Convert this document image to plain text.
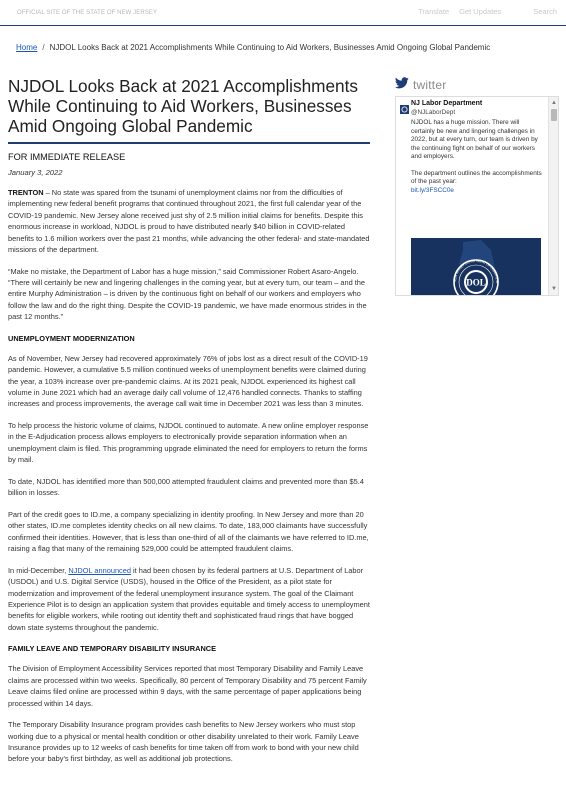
OFFICIAL SITE OF THE STATE OF NEW JERSEY	Translate Get Updates	Search
Home / NJDOL Looks Back at 2021 Accomplishments While Continuing to Aid Workers, Businesses Amid Ongoing Global Pandemic
NJDOL Looks Back at 2021 Accomplishments While Continuing to Aid Workers, Businesses Amid Ongoing Global Pandemic
FOR IMMEDIATE RELEASE
January 3, 2022

TRENTON – No state was spared from the tsunami of unemployment claims nor from the difficulties of implementing new federal benefit programs that continued throughout 2021, the first full calendar year of the COVID-19 pandemic. New Jersey alone received just shy of 2.5 million initial claims for benefits. Despite this enormous increase in workload, NJDOL is proud to have distributed nearly $40 billion in COVID-related benefits to 1.6 million workers over the past 21 months, while advancing the other federal- and state-mandated missions of the department.

“Make no mistake, the Department of Labor has a huge mission,” said Commissioner Robert Asaro-Angelo. “There will certainly be new and lingering challenges in the coming year, but at every turn, our team – and the entire Murphy Administration – is driven by the continuous fight on behalf of our workers and employers who follow the law and do the right thing. Despite the COVID-19 pandemic, we have made enormous strides in the past 12 months.”

UNEMPLOYMENT MODERNIZATION

As of November, New Jersey had recovered approximately 76% of jobs lost as a direct result of the COVID-19 pandemic. However, a cumulative 5.5 million continued weeks of unemployment benefits were claimed during the year, a 103% increase over pre-pandemic claims. At its 2021 peak, NJDOL experienced its highest call volume in June 2021 which had an average daily call volume of 12,476 handled connects. Thanks to staffing increases and process improvements, the average call wait time in December 2021 was less than 3 minutes.

To help process the historic volume of claims, NJDOL continued to automate. A new online employer response in the E-Adjudication process allows employers to electronically provide separation information when an unemployment claim is filed. This programming upgrade eliminated the need for employers to return the forms by mail.

To date, NJDOL has identified more than 500,000 attempted fraudulent claims and prevented more than $5.4 billion in losses.

Part of the credit goes to ID.me, a company specializing in identity proofing. In New Jersey and more than 20 other states, ID.me completes identity checks on all new claims. To date, 183,000 claimants have successfully confirmed their identities. However, that is less than one-third of all of the claimants we have referred to ID.me, raising a flag that many of the remaining 529,000 could be attempted fraudulent claims.

In mid-December, NJDOL announced it had been chosen by its federal partners at U.S. Department of Labor (USDOL) and U.S. Digital Service (USDS), housed in the Office of the President, as a pilot state for modernization and improvement of the federal unemployment insurance system. The goal of the Claimant Experience Pilot is to design an application system that provides equitable and timely access to unemployment benefits for eligible workers, while rooting out identity theft and sophisticated fraud rings that have bogged down state systems throughout the pandemic.

FAMILY LEAVE AND TEMPORARY DISABILITY INSURANCE

The Division of Employment Accessibility Services reported that most Temporary Disability and Family Leave claims are processed within two weeks. Specifically, 80 percent of Temporary Disability and 75 percent Family Leave claims filed online are processed within 9 days, with the same percentage of paper applications being processed within 14 days.

The Temporary Disability Insurance program provides cash benefits to New Jersey workers who must stop working due to a physical or mental health condition or other disability unrelated to their work. Family Leave Insurance provides up to 12 weeks of cash benefits for time taken off from work to bond with your new child before your baby's first birthday, as well as additional job protections.

twitter
NJ Labor Department
@NJLaborDept
NJDOL has a huge mission. There will certainly be new and lingering challenges in 2022, but at every turn, our team is driven by the continuing fight on behalf of our workers and employers.
The department outlines the accomplishments of the past year:
bit.ly/3FSCC0e
DOL
NEW JERSEY DEPARTMENT OF LABOR & W
▲
▼
